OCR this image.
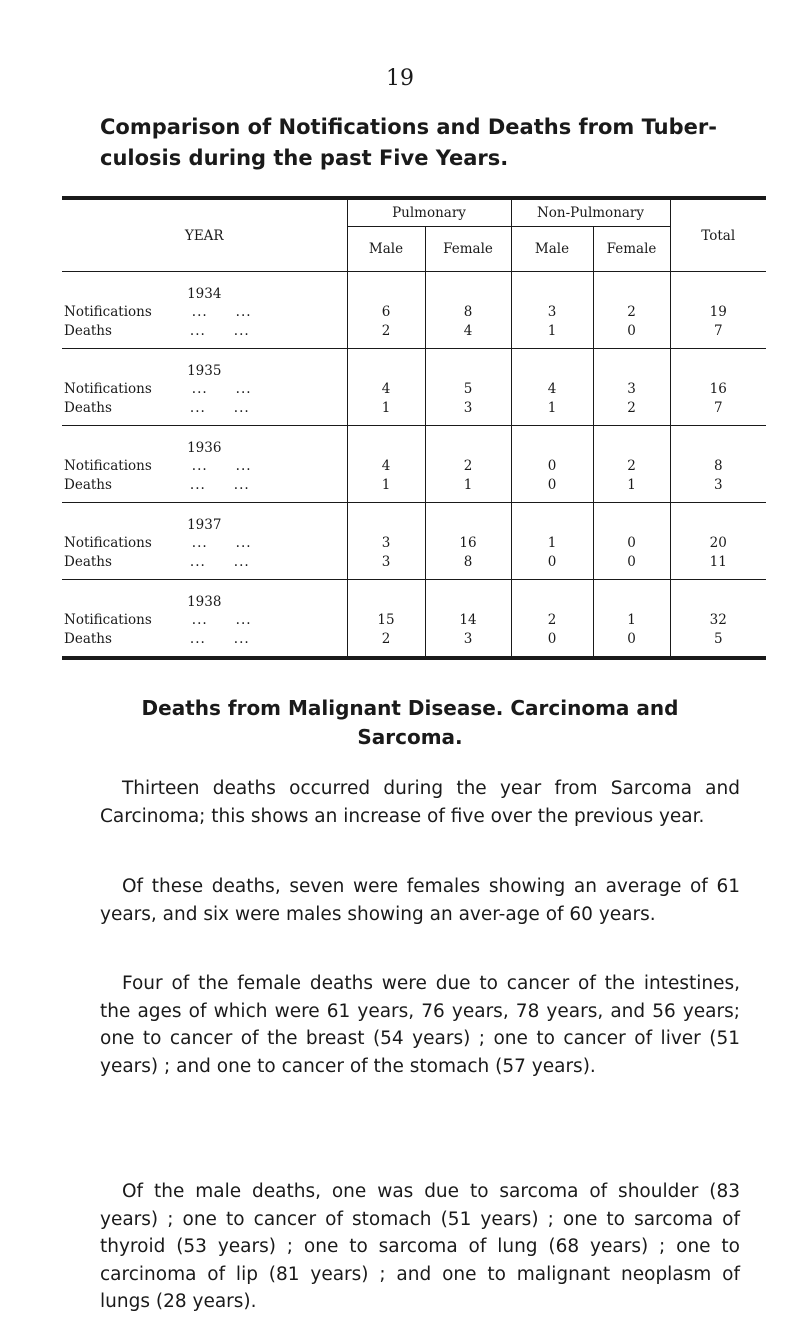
19
Comparison of Notifications and Deaths from Tuber-culosis during the past Five Years.
YEAR	Pulmonary		Non-Pulmonary		Total
	Male	Female	Male	Female	
1934					
Notifications ... ...	6	8	3	2	19
Deaths ... ...	2	4	1	0	7
1935					
Notifications ... ...	4	5	4	3	16
Deaths ... ...	1	3	1	2	7
1936					
Notifications ... ...	4	2	0	2	8
Deaths ... ...	1	1	0	1	3
1937					
Notifications ... ...	3	16	1	0	20
Deaths ... ...	3	8	0	0	11
1938					
Notifications ... ...	15	14	2	1	32
Deaths ... ...	2	3	0	0	5
Deaths from Malignant Disease. Carcinoma and Sarcoma.

Thirteen deaths occurred during the year from Sarcoma and Carcinoma; this shows an increase of five over the previous year.

Of these deaths, seven were females showing an average of 61 years, and six were males showing an aver-age of 60 years.

Four of the female deaths were due to cancer of the intestines, the ages of which were 61 years, 76 years, 78 years, and 56 years; one to cancer of the breast (54 years) ; one to cancer of liver (51 years) ; and one to cancer of the stomach (57 years).

Of the male deaths, one was due to sarcoma of shoulder (83 years) ; one to cancer of stomach (51 years) ; one to sarcoma of thyroid (53 years) ; one to sarcoma of lung (68 years) ; one to carcinoma of lip (81 years) ; and one to malignant neoplasm of lungs (28 years).
